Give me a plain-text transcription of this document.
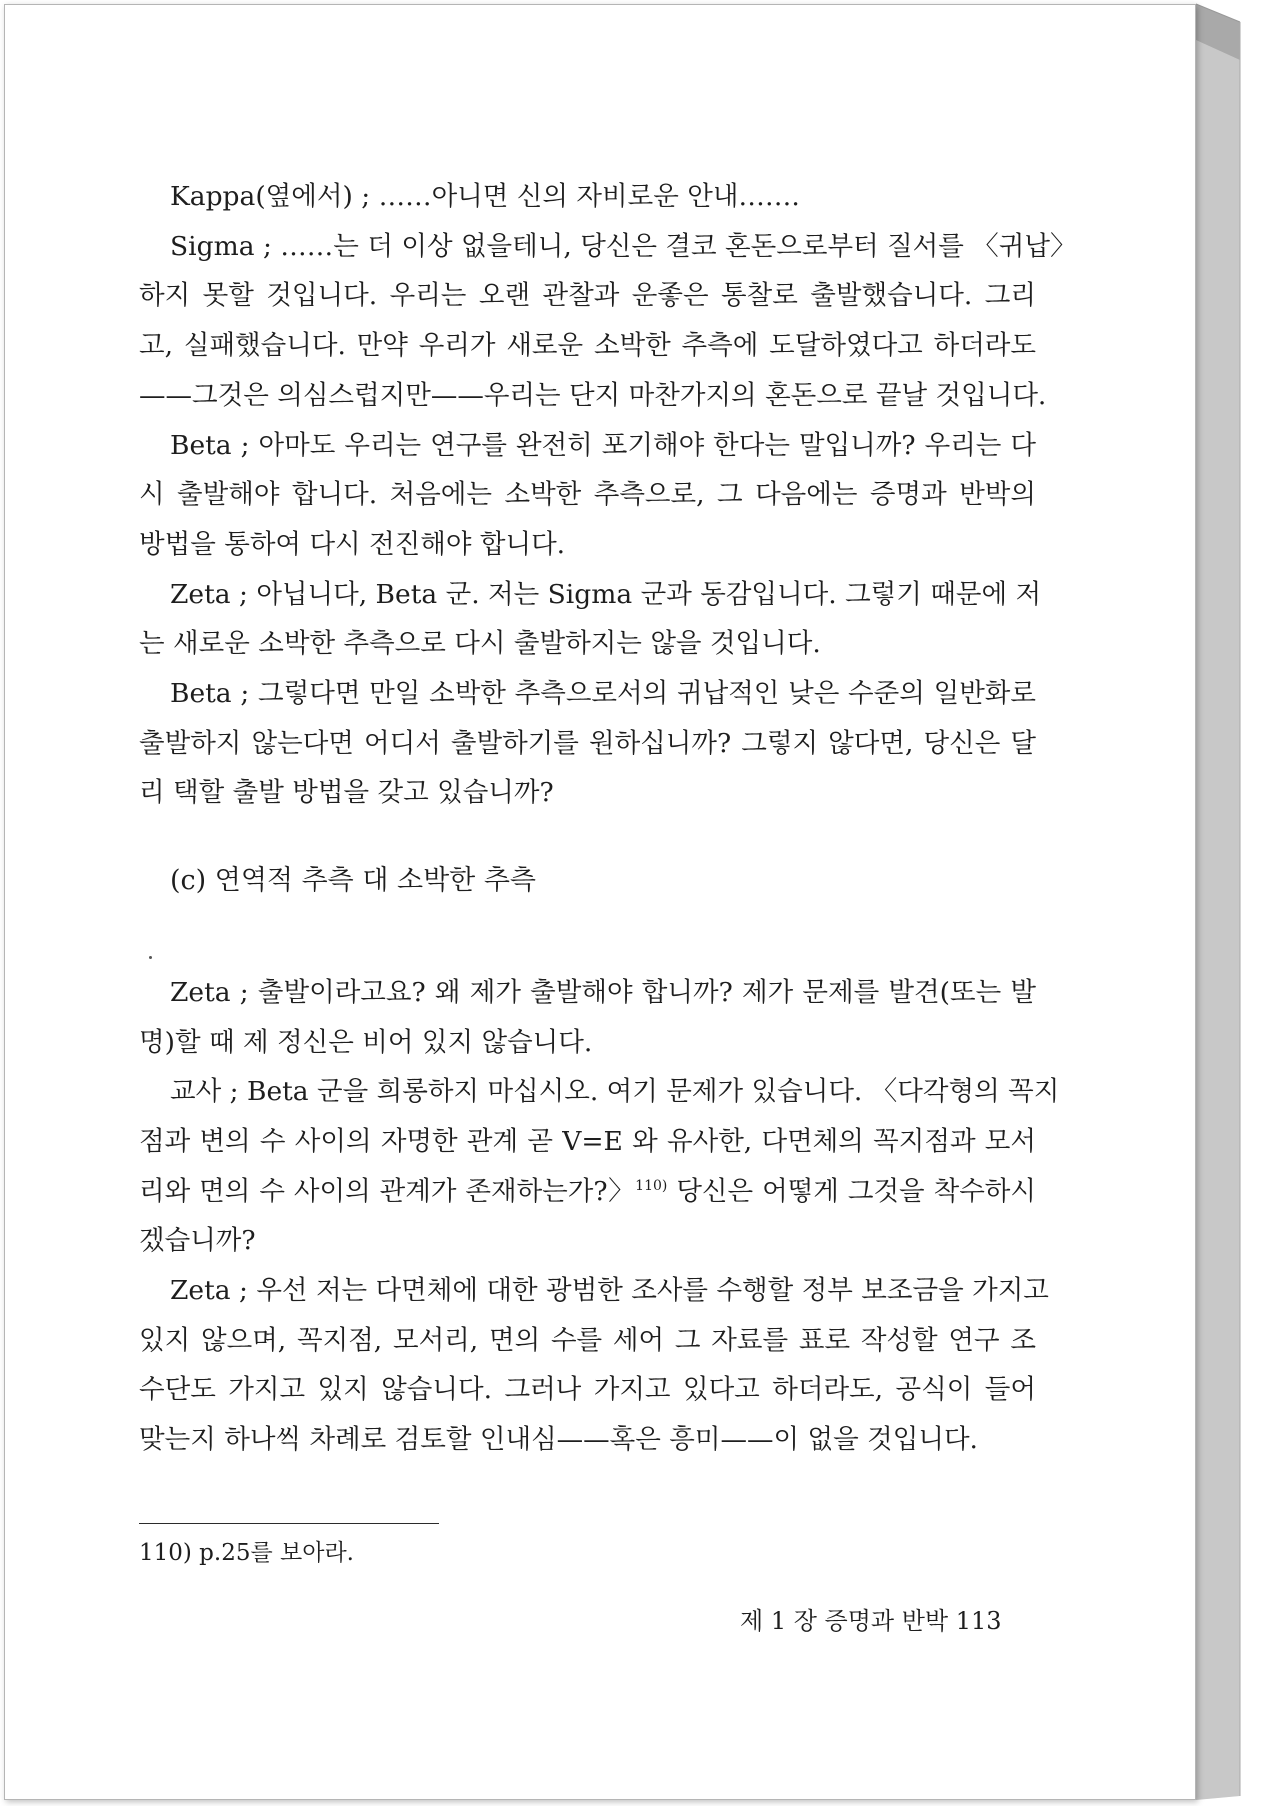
Kappa(옆에서) ; ……아니면 신의 자비로운 안내…….
Sigma ; ……는 더 이상 없을테니, 당신은 결코 혼돈으로부터 질서를 〈귀납〉
하지 못할 것입니다. 우리는 오랜 관찰과 운좋은 통찰로 출발했습니다. 그리
고, 실패했습니다. 만약 우리가 새로운 소박한 추측에 도달하였다고 하더라도
——그것은 의심스럽지만——우리는 단지 마찬가지의 혼돈으로 끝날 것입니다.
Beta ; 아마도 우리는 연구를 완전히 포기해야 한다는 말입니까? 우리는 다
시 출발해야 합니다. 처음에는 소박한 추측으로, 그 다음에는 증명과 반박의
방법을 통하여 다시 전진해야 합니다.
Zeta ; 아닙니다, Beta 군. 저는 Sigma 군과 동감입니다. 그렇기 때문에 저
는 새로운 소박한 추측으로 다시 출발하지는 않을 것입니다.
Beta ; 그렇다면 만일 소박한 추측으로서의 귀납적인 낮은 수준의 일반화로
출발하지 않는다면 어디서 출발하기를 원하십니까? 그렇지 않다면, 당신은 달
리 택할 출발 방법을 갖고 있습니까?
(c) 연역적 추측 대 소박한 추측
Zeta ; 출발이라고요? 왜 제가 출발해야 합니까? 제가 문제를 발견(또는 발
명)할 때 제 정신은 비어 있지 않습니다.
교사 ; Beta 군을 희롱하지 마십시오. 여기 문제가 있습니다. 〈다각형의 꼭지
점과 변의 수 사이의 자명한 관계 곧 V=E 와 유사한, 다면체의 꼭지점과 모서
리와 면의 수 사이의 관계가 존재하는가?〉$^{110)}$ 당신은 어떻게 그것을 착수하시
겠습니까?
Zeta ; 우선 저는 다면체에 대한 광범한 조사를 수행할 정부 보조금을 가지고
있지 않으며, 꼭지점, 모서리, 면의 수를 세어 그 자료를 표로 작성할 연구 조
수단도 가지고 있지 않습니다. 그러나 가지고 있다고 하더라도, 공식이 들어
맞는지 하나씩 차례로 검토할 인내심——혹은 흥미——이 없을 것입니다.
110) p.25를 보아라.
제 1 장 증명과 반박 113
